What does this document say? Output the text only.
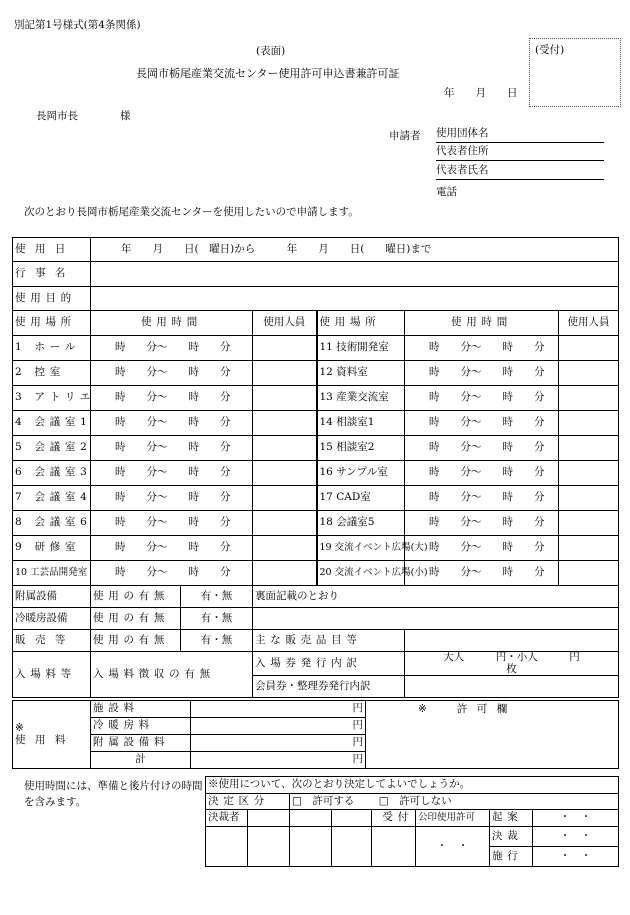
別記第1号様式(第4条関係)
(受付)
(表面)
長岡市栃尾産業交流センター使用許可申込書兼許可証
年　　月　　日
長岡市長　　　　様
申請者 使用団体名
代表者住所
代表者氏名
電話
次のとおり長岡市栃尾産業交流センターを使用したいので申請します。
使用日	年　　月　　日(　曜日)から　　　年　　月　　日(　　曜日)まで					
行事名						
使用目的						
使用場所	使用時間		使用人員	使用場所	使用時間	使用人員
1 ホール	時　　分～　　時　　分			11 技術開発室	時　　分～　　時　　分	
2 控室	時　　分～　　時　　分			12 資料室	時　　分～　　時　　分	
3 アトリエ	時　　分～　　時　　分			13 産業交流室	時　　分～　　時　　分	
4 会議室1	時　　分～　　時　　分			14 相談室1	時　　分～　　時　　分	
5 会議室2	時　　分～　　時　　分			15 相談室2	時　　分～　　時　　分	
6 会議室3	時　　分～　　時　　分			16 サンプル室	時　　分～　　時　　分	
7 会議室4	時　　分～　　時　　分			17 CAD室	時　　分～　　時　　分	
8 会議室6	時　　分～　　時　　分			18 会議室5	時　　分～　　時　　分	
9 研修室	時　　分～　　時　　分			19 交流イベント広場(大)	時　　分～　　時　　分	
10 工芸品開発室	時　　分～　　時　　分			20 交流イベント広場(小)	時　　分～　　時　　分	
附属設備	使用の有無	有・無	裏面記載のとおり			
冷暖房設備	使用の有無	有・無				
販売等	使用の有無	有・無	主な販売品目等			
入場料等	入場料徴収の有無		入場券発行内訳		大人　　　円・小人　　　円
枚	
			会員券・整理券発行内訳			
※
使用料	施設料	円	※ 許可欄
	冷暖房料	円	
	附属設備料	円	
	計	円	
使用時間には、準備と後片付けの時間を含みます。
※使用について、次のとおり決定してよいでしょうか。							
決定区分		□　許可する　　 □　許可しない					
決裁者				受付	公印使用許可	起案	・　・
					・　・	決裁	・　・
						施行	・　・
